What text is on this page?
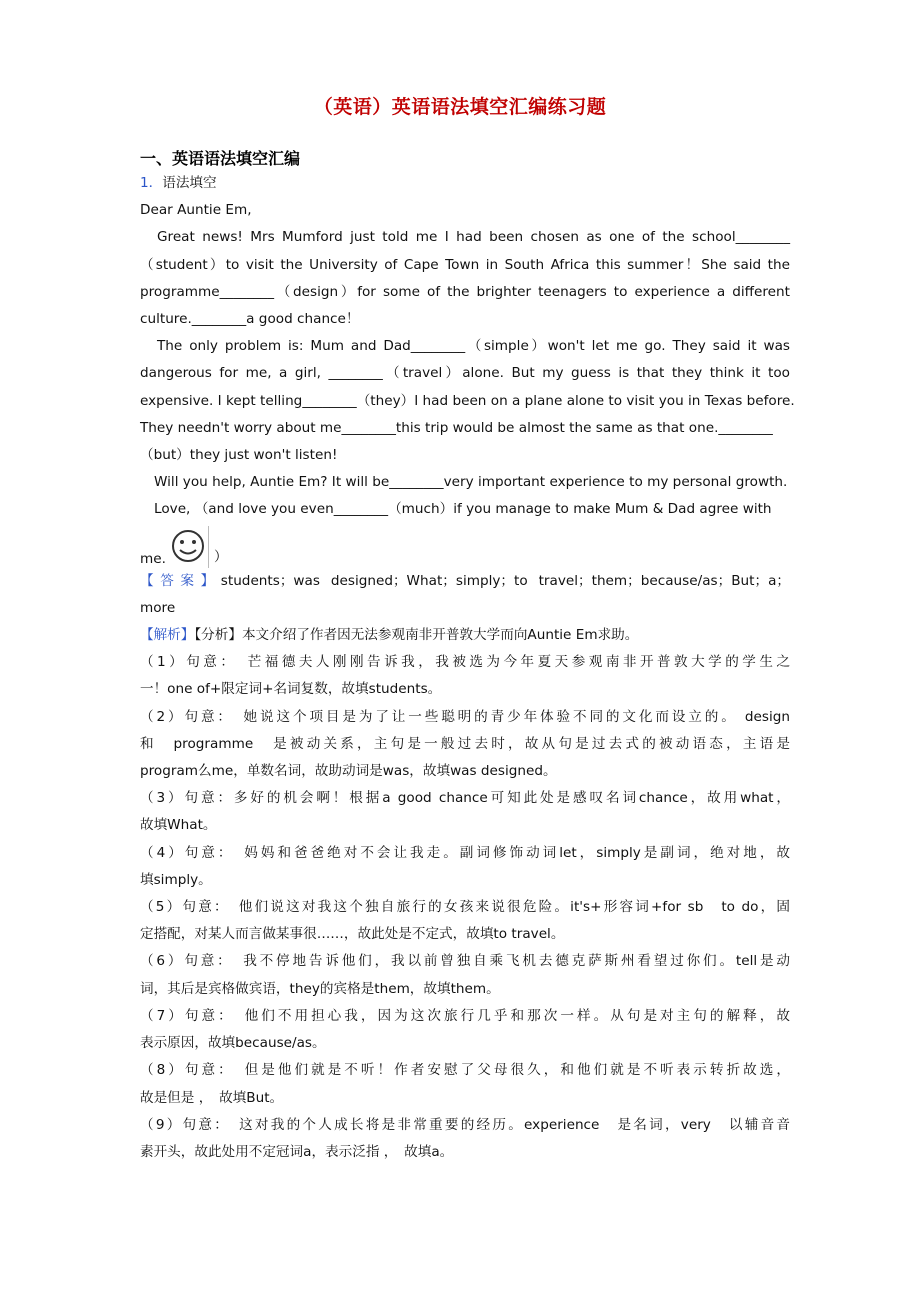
（英语）英语语法填空汇编练习题
一、英语语法填空汇编
1．语法填空
Dear Auntie Em,
Great news! Mrs Mumford just told me I had been chosen as one of the school________
（student）to visit the University of Cape Town in South Africa this summer！She said the
programme________（design）for some of the brighter teenagers to experience a different
culture.________a good chance！
The only problem is: Mum and Dad________（simple）won't let me go. They said it was
dangerous for me, a girl, ________（travel）alone. But my guess is that they think it too
expensive. I kept telling________（they）I had been on a plane alone to visit you in Texas before.
They needn't worry about me________this trip would be almost the same as that one.________
（but）they just won't listen!
Will you help, Auntie Em? It will be________very important experience to my personal growth.
Love, （and love you even________（much）if you manage to make Mum & Dad agree with
me.	）
【答案】students；was designed；What；simply；to travel；them；because/as；But；a；
more
【解析】【分析】本文介绍了作者因无法参观南非开普敦大学而向Auntie Em求助。
（1）句意：　芒福德夫人刚刚告诉我，我被选为今年夏天参观南非开普敦大学的学生之
一！one of+限定词+名词复数，故填students。
（2）句意：　她说这个项目是为了让一些聪明的青少年体验不同的文化而设立的。 design
和　programme　是被动关系，主句是一般过去时，故从句是过去式的被动语态，主语是
program么me，单数名词，故助动词是was，故填was designed。
（3）句意：多好的机会啊！根据a good chance可知此处是感叹名词chance，故用what，
故填What。
（4）句意：　妈妈和爸爸绝对不会让我走。副词修饰动词let，simply是副词，绝对地，故
填simply。
（5）句意：　他们说这对我这个独自旅行的女孩来说很危险。it's+形容词+for sb　to do，固
定搭配，对某人而言做某事很……，故此处是不定式，故填to travel。
（6）句意：　我不停地告诉他们，我以前曾独自乘飞机去德克萨斯州看望过你们。tell是动
词，其后是宾格做宾语，they的宾格是them，故填them。
（7）句意：　他们不用担心我，因为这次旅行几乎和那次一样。从句是对主句的解释，故
表示原因，故填because/as。
（8）句意：　但是他们就是不听！作者安慰了父母很久，和他们就是不听表示转折故选，
故是但是 ，　故填But。
（9）句意：　这对我的个人成长将是非常重要的经历。experience　是名词，very　以辅音音
素开头，故此处用不定冠词a，表示泛指 ，　故填a。
